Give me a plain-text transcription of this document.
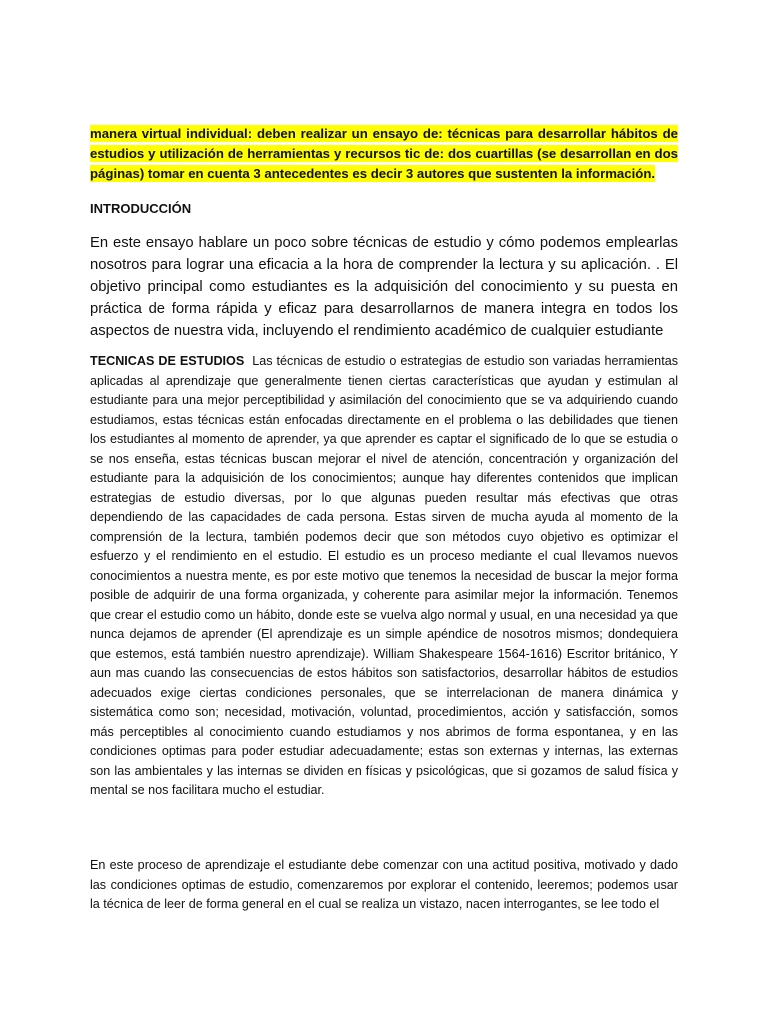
manera virtual individual: deben realizar un ensayo de: técnicas para desarrollar hábitos de estudios y utilización de herramientas y recursos tic de: dos cuartillas (se desarrollan en dos páginas) tomar en cuenta 3 antecedentes es decir 3 autores que sustenten la información.
INTRODUCCIÓN
En este ensayo hablare un poco sobre técnicas de estudio y cómo podemos emplearlas nosotros para lograr una eficacia a la hora de comprender la lectura y su aplicación. . El objetivo principal como estudiantes es la adquisición del conocimiento y su puesta en práctica de forma rápida y eficaz para desarrollarnos de manera integra en todos los aspectos de nuestra vida, incluyendo el rendimiento académico de cualquier estudiante
TECNICAS DE ESTUDIOS Las técnicas de estudio o estrategias de estudio son variadas herramientas aplicadas al aprendizaje que generalmente tienen ciertas características que ayudan y estimulan al estudiante para una mejor perceptibilidad y asimilación del conocimiento que se va adquiriendo cuando estudiamos, estas técnicas están enfocadas directamente en el problema o las debilidades que tienen los estudiantes al momento de aprender, ya que aprender es captar el significado de lo que se estudia o se nos enseña, estas técnicas buscan mejorar el nivel de atención, concentración y organización del estudiante para la adquisición de los conocimientos; aunque hay diferentes contenidos que implican estrategias de estudio diversas, por lo que algunas pueden resultar más efectivas que otras dependiendo de las capacidades de cada persona. Estas sirven de mucha ayuda al momento de la comprensión de la lectura, también podemos decir que son métodos cuyo objetivo es optimizar el esfuerzo y el rendimiento en el estudio. El estudio es un proceso mediante el cual llevamos nuevos conocimientos a nuestra mente, es por este motivo que tenemos la necesidad de buscar la mejor forma posible de adquirir de una forma organizada, y coherente para asimilar mejor la información. Tenemos que crear el estudio como un hábito, donde este se vuelva algo normal y usual, en una necesidad ya que nunca dejamos de aprender (El aprendizaje es un simple apéndice de nosotros mismos; dondequiera que estemos, está también nuestro aprendizaje). William Shakespeare 1564-1616) Escritor británico, Y aun mas cuando las consecuencias de estos hábitos son satisfactorios, desarrollar hábitos de estudios adecuados exige ciertas condiciones personales, que se interrelacionan de manera dinámica y sistemática como son; necesidad, motivación, voluntad, procedimientos, acción y satisfacción, somos más perceptibles al conocimiento cuando estudiamos y nos abrimos de forma espontanea, y en las condiciones optimas para poder estudiar adecuadamente; estas son externas y internas, las externas son las ambientales y las internas se dividen en físicas y psicológicas, que si gozamos de salud física y mental se nos facilitara mucho el estudiar.
En este proceso de aprendizaje el estudiante debe comenzar con una actitud positiva, motivado y dado las condiciones optimas de estudio, comenzaremos por explorar el contenido, leeremos; podemos usar la técnica de leer de forma general en el cual se realiza un vistazo, nacen interrogantes, se lee todo el
